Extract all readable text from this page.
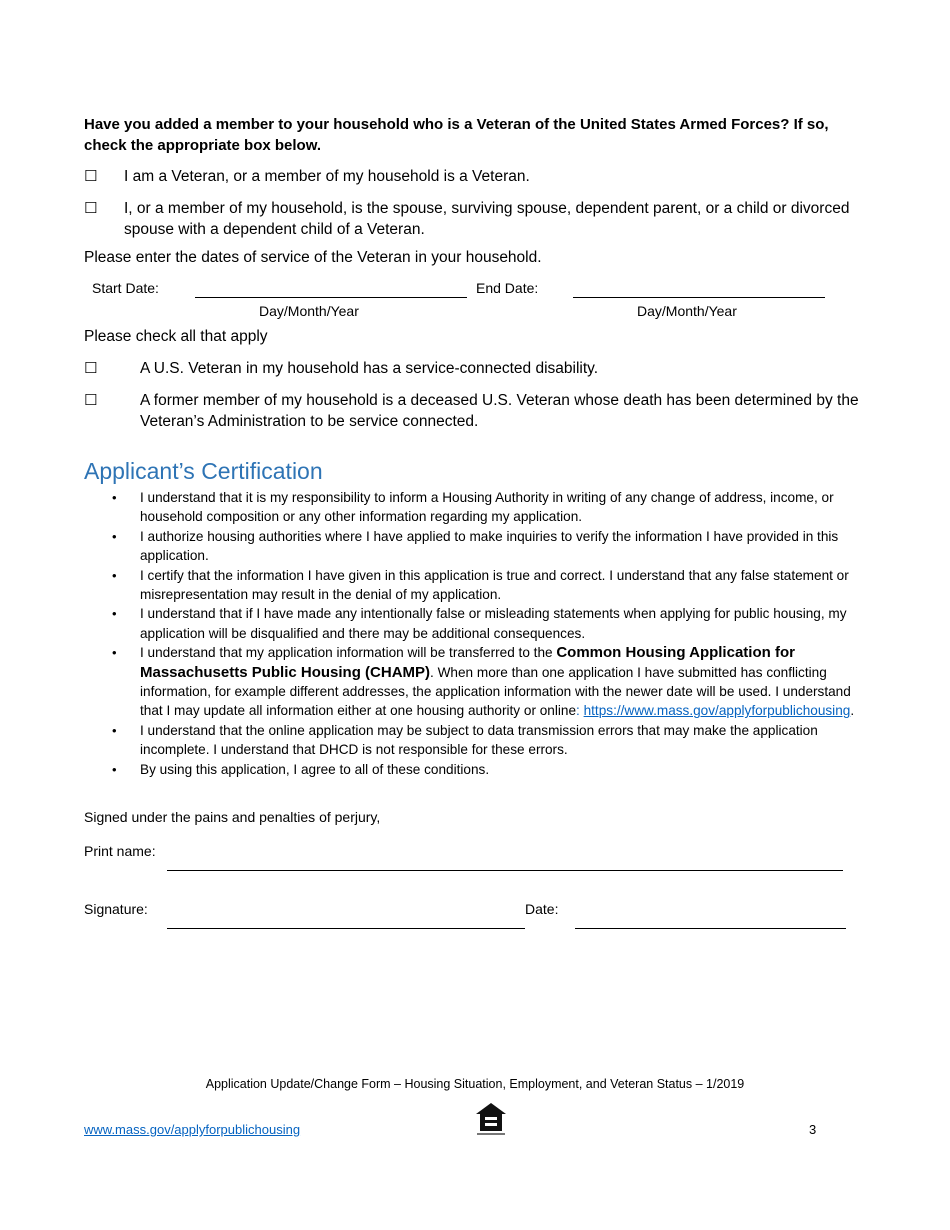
Have you added a member to your household who is a Veteran of the United States Armed Forces? If so, check the appropriate box below.
☐	I am a Veteran, or a member of my household is a Veteran.
☐	I, or a member of my household, is the spouse, surviving spouse, dependent parent, or a child or divorced spouse with a dependent child of a Veteran.
Please enter the dates of service of the Veteran in your household.
Start Date:
Day/Month/Year
End Date:
Day/Month/Year
Please check all that apply
☐	A U.S. Veteran in my household has a service-connected disability.
☐	A former member of my household is a deceased U.S. Veteran whose death has been determined by the Veteran’s Administration to be service connected.
Applicant’s Certification
• I understand that it is my responsibility to inform a Housing Authority in writing of any change of address, income, or household composition or any other information regarding my application.
• I authorize housing authorities where I have applied to make inquiries to verify the information I have provided in this application.
• I certify that the information I have given in this application is true and correct. I understand that any false statement or misrepresentation may result in the denial of my application.
• I understand that if I have made any intentionally false or misleading statements when applying for public housing, my application will be disqualified and there may be additional consequences.
• I understand that my application information will be transferred to the Common Housing Application for Massachusetts Public Housing (CHAMP). When more than one application I have submitted has conflicting information, for example different addresses, the application information with the newer date will be used. I understand that I may update all information either at one housing authority or online: https://www.mass.gov/applyforpublichousing.
• I understand that the online application may be subject to data transmission errors that may make the application incomplete. I understand that DHCD is not responsible for these errors.
• By using this application, I agree to all of these conditions.
Signed under the pains and penalties of perjury,
Print name:
Signature:	Date:
Application Update/Change Form – Housing Situation, Employment, and Veteran Status – 1/2019
www.mass.gov/applyforpublichousing	3
